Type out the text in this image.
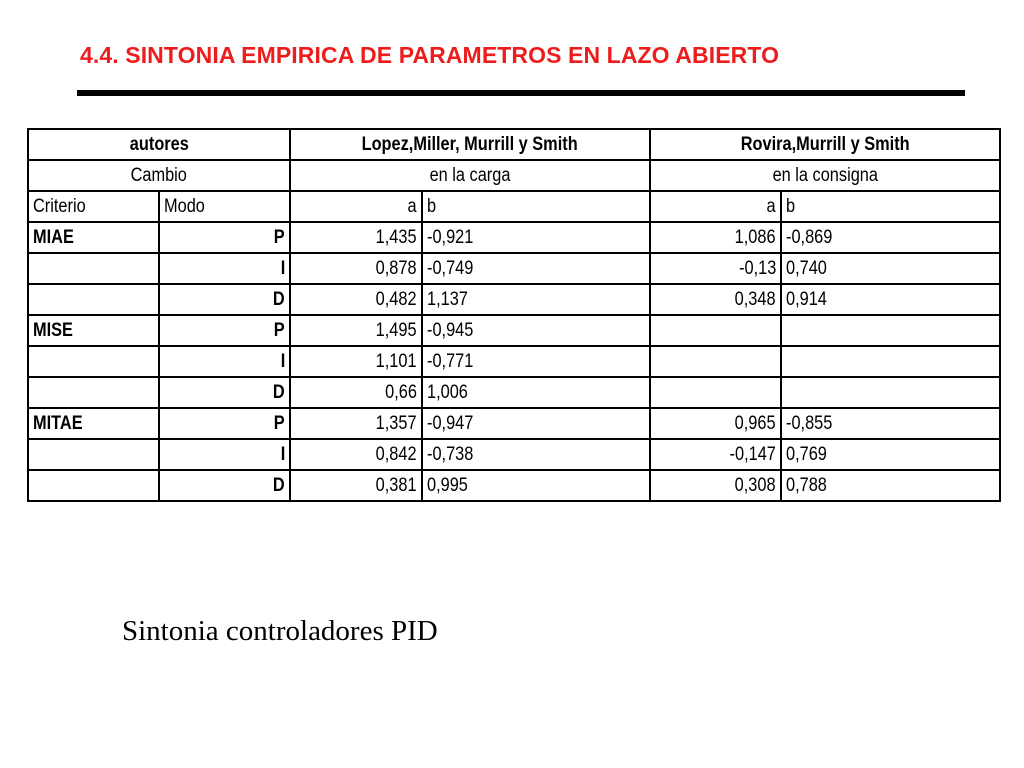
4.4. SINTONIA EMPIRICA DE PARAMETROS EN LAZO ABIERTO
autores		Lopez,Miller, Murrill y Smith		Rovira,Murrill y Smith	
Cambio		en la carga		en la consigna	
Criterio	Modo	a	b	a	b
MIAE	P	1,435	-0,921	1,086	-0,869
	I	0,878	-0,749	-0,13	0,740
	D	0,482	1,137	0,348	0,914
MISE	P	1,495	-0,945		
	I	1,101	-0,771		
	D	0,66	1,006		
MITAE	P	1,357	-0,947	0,965	-0,855
	I	0,842	-0,738	-0,147	0,769
	D	0,381	0,995	0,308	0,788
Sintonia controladores PID
